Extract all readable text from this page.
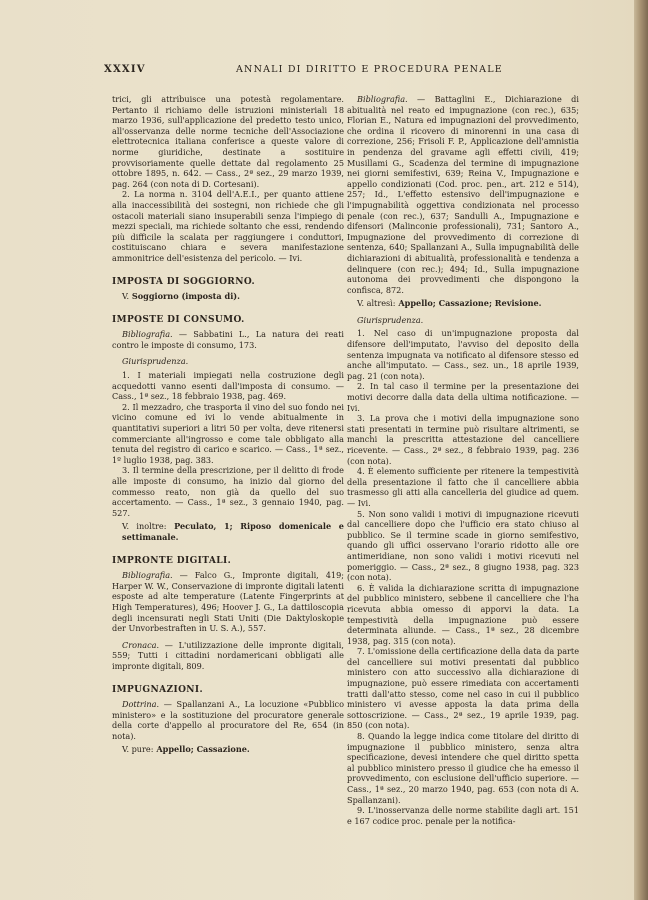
XXXIV	ANNALI DI DIRITTO E PROCEDURA PENALE

trici, gli attribuisce una potestà regolamentare. Pertanto il richiamo delle istruzioni ministeriali 18 marzo 1936, sull'applicazione del predetto testo unico, all'osservanza delle norme tecniche dell'Associazione elettrotecnica italiana conferisce a queste valore di norme giuridiche, destinate a sostituire provvisoriamente quelle dettate dal regolamento 25 ottobre 1895, n. 642. — Cass., 2ª sez., 29 marzo 1939, pag. 264 (con nota di D. Cortesani).

2. La norma n. 3104 dell'A.E.I., per quanto attiene alla inaccessibilità dei sostegni, non richiede che gli ostacoli materiali siano insuperabili senza l'impiego di mezzi speciali, ma richiede soltanto che essi, rendendo più difficile la scalata per raggiungere i conduttori, costituiscano chiara e severa manifestazione ammonitrice dell'esistenza del pericolo. — Ivi.

IMPOSTA DI SOGGIORNO.
V. Soggiorno (imposta di).
IMPOSTE DI CONSUMO.

Bibliografia. — Sabbatini L., La natura dei reati contro le imposte di consumo, 173.

Giurisprudenza.

1. I materiali impiegati nella costruzione degli acquedotti vanno esenti dall'imposta di consumo. — Cass., 1ª sez., 18 febbraio 1938, pag. 469.

2. Il mezzadro, che trasporta il vino del suo fondo nei vicino comune ed ivi lo vende abitualmente in quantitativi superiori a litri 50 per volta, deve ritenersi commerciante all'ingrosso e come tale obbligato alla tenuta del registro di carico e scarico. — Cass., 1ª sez., 1º luglio 1938, pag. 383.

3. Il termine della prescrizione, per il delitto di frode alle imposte di consumo, ha inizio dal giorno del commesso reato, non già da quello del suo accertamento. — Cass., 1ª sez., 3 gennaio 1940, pag. 527.

V. inoltre: Peculato, 1; Riposo domenicale e settimanale.
IMPRONTE DIGITALI.

Bibliografia. — Falco G., Impronte digitali, 419; Harper W. W., Conservazione di impronte digitali latenti esposte ad alte temperature (Latente Fingerprints at High Temperatures), 496; Hoover J. G., La dattiloscopia degli incensurati negli Stati Uniti (Die Daktyloskopie der Unvorbestraften in U. S. A.), 557.

Cronaca. — L'utilizzazione delle impronte digitali, 559; Tutti i cittadini nordamericani obbligati alle impronte digitali, 809.

IMPUGNAZIONI.

Dottrina. — Spallanzani A., La locuzione «Pubblico ministero» e la sostituzione del procuratore generale della corte d'appello al procuratore del Re, 654 (in nota).

V. pure: Appello; Cassazione.

Bibliografia. — Battaglini E., Dichiarazione di abitualità nel reato ed impugnazione (con rec.), 635; Florian E., Natura ed impugnazioni del provvedimento, che ordina il ricovero di minorenni in una casa di correzione, 256; Frisoli F. P., Applicazione dell'amnistia in pendenza del gravame agli effetti civili, 419; Musillami G., Scadenza del termine di impugnazione nei giorni semifestivi, 639; Reina V., Impugnazione e appello condizionati (Cod. proc. pen., art. 212 e 514), 257; Id., L'effetto estensivo dell'impugnazione e l'impugnabilità oggettiva condizionata nel processo penale (con rec.), 637; Sandulli A., Impugnazione e difensori (Malinconie professionali), 731; Santoro A., Impugnazione del provvedimento di correzione di sentenza, 640; Spallanzani A., Sulla impugnabilità delle dichiarazioni di abitualità, professionalità e tendenza a delinquere (con rec.); 494; Id., Sulla impugnazione autonoma dei provvedimenti che dispongono la confisca, 872.

V. altresì: Appello; Cassazione; Revisione.
Giurisprudenza.

1. Nel caso di un'impugnazione proposta dal difensore dell'imputato, l'avviso del deposito della sentenza impugnata va notificato al difensore stesso ed anche all'imputato. — Cass., sez. un., 18 aprile 1939, pag. 21 (con nota).

2. In tal caso il termine per la presentazione dei motivi decorre dalla data della ultima notificazione. — Ivi.

3. La prova che i motivi della impugnazione sono stati presentati in termine può risultare altrimenti, se manchi la prescritta attestazione del cancelliere ricevente. — Cass., 2ª sez., 8 febbraio 1939, pag. 236 (con nota).

4. È elemento sufficiente per ritenere la tempestività della presentazione il fatto che il cancelliere abbia trasmesso gli atti alla cancelleria del giudice ad quem. — Ivi.

5. Non sono validi i motivi di impugnazione ricevuti dal cancelliere dopo che l'ufficio era stato chiuso al pubblico. Se il termine scade in giorno semifestivo, quando gli uffici osservano l'orario ridotto alle ore antimeridiane, non sono validi i motivi ricevuti nel pomeriggio. — Cass., 2ª sez., 8 giugno 1938, pag. 323 (con nota).

6. È valida la dichiarazione scritta di impugnazione del pubblico ministero, sebbene il cancelliere che l'ha ricevuta abbia omesso di apporvi la data. La tempestività della impugnazione può essere determinata aliunde. — Cass., 1ª sez., 28 dicembre 1938, pag. 315 (con nota).

7. L'omissione della certificazione della data da parte del cancelliere sui motivi presentati dal pubblico ministero con atto successivo alla dichiarazione di impugnazione, può essere rimediata con accertamenti tratti dall'atto stesso, come nel caso in cui il pubblico ministero vi avesse apposta la data prima della sottoscrizione. — Cass., 2ª sez., 19 aprile 1939, pag. 850 (con nota).

8. Quando la legge indica come titolare del diritto di impugnazione il pubblico ministero, senza altra specificazione, devesi intendere che quel diritto spetta al pubblico ministero presso il giudice che ha emesso il provvedimento, con esclusione dell'ufficio superiore. — Cass., 1ª sez., 20 marzo 1940, pag. 653 (con nota di A. Spallanzani).

9. L'inosservanza delle norme stabilite dagli art. 151 e 167 codice proc. penale per la notifica-
